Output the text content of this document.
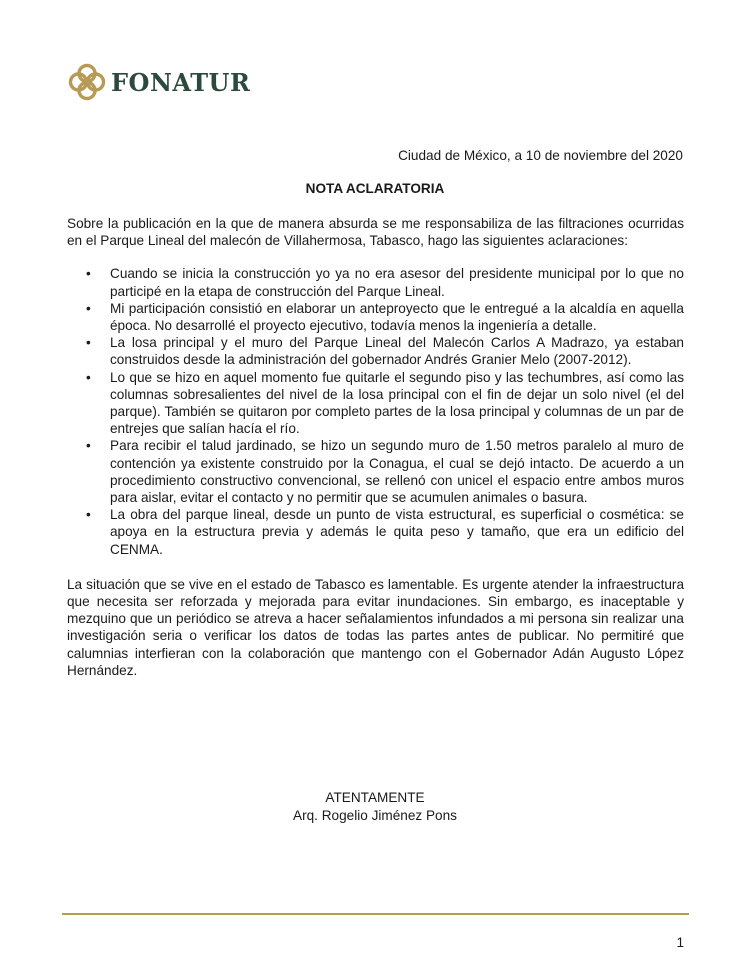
FONATUR
Ciudad de México, a 10 de noviembre del 2020
NOTA ACLARATORIA

Sobre la publicación en la que de manera absurda se me responsabiliza de las filtraciones ocurridas en el Parque Lineal del malecón de Villahermosa, Tabasco, hago las siguientes aclaraciones:

• Cuando se inicia la construcción yo ya no era asesor del presidente municipal por lo que no participé en la etapa de construcción del Parque Lineal.
• Mi participación consistió en elaborar un anteproyecto que le entregué a la alcaldía en aquella época. No desarrollé el proyecto ejecutivo, todavía menos la ingeniería a detalle.
• La losa principal y el muro del Parque Lineal del Malecón Carlos A Madrazo, ya estaban construidos desde la administración del gobernador Andrés Granier Melo (2007-2012).
• Lo que se hizo en aquel momento fue quitarle el segundo piso y las techumbres, así como las columnas sobresalientes del nivel de la losa principal con el fin de dejar un solo nivel (el del parque). También se quitaron por completo partes de la losa principal y columnas de un par de entrejes que salían hacía el río.
• Para recibir el talud jardinado, se hizo un segundo muro de 1.50 metros paralelo al muro de contención ya existente construido por la Conagua, el cual se dejó intacto. De acuerdo a un procedimiento constructivo convencional, se rellenó con unicel el espacio entre ambos muros para aislar, evitar el contacto y no permitir que se acumulen animales o basura.
• La obra del parque lineal, desde un punto de vista estructural, es superficial o cosmética: se apoya en la estructura previa y además le quita peso y tamaño, que era un edificio del CENMA.

La situación que se vive en el estado de Tabasco es lamentable. Es urgente atender la infraestructura que necesita ser reforzada y mejorada para evitar inundaciones. Sin embargo, es inaceptable y mezquino que un periódico se atreva a hacer señalamientos infundados a mi persona sin realizar una investigación seria o verificar los datos de todas las partes antes de publicar. No permitiré que calumnias interfieran con la colaboración que mantengo con el Gobernador Adán Augusto López Hernández.

ATENTAMENTE
Arq. Rogelio Jiménez Pons
1
